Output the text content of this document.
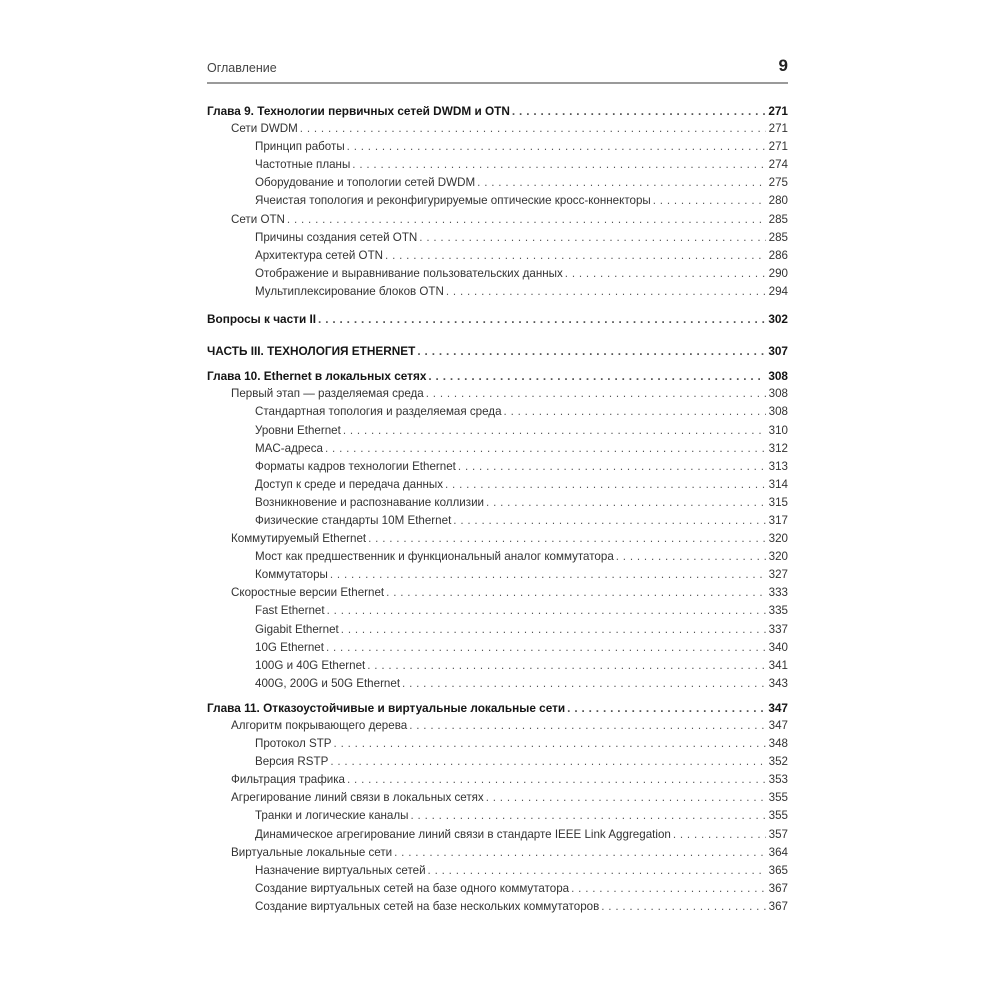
Оглавление	9
Глава 9. Технологии первичных сетей DWDM и OTN . . .	271
Сети DWDM . . .	271
Принцип работы . . .	271
Частотные планы . . .	274
Оборудование и топологии сетей DWDM . . .	275
Ячеистая топология и реконфигурируемые оптические кросс-коннекторы . . .	280
Сети OTN . . .	285
Причины создания сетей OTN . . .	285
Архитектура сетей OTN . . .	286
Отображение и выравнивание пользовательских данных . . .	290
Мультиплексирование блоков OTN . . .	294
Вопросы к части II . . .	302
ЧАСТЬ III. ТЕХНОЛОГИЯ ETHERNET . . .	307
Глава 10. Ethernet в локальных сетях . . .	308
Первый этап — разделяемая среда . . .	308
Стандартная топология и разделяемая среда . . .	308
Уровни Ethernet . . .	310
MAC-адреса . . .	312
Форматы кадров технологии Ethernet . . .	313
Доступ к среде и передача данных . . .	314
Возникновение и распознавание коллизии . . .	315
Физические стандарты 10M Ethernet . . .	317
Коммутируемый Ethernet . . .	320
Мост как предшественник и функциональный аналог коммутатора . . .	320
Коммутаторы . . .	327
Скоростные версии Ethernet . . .	333
Fast Ethernet . . .	335
Gigabit Ethernet . . .	337
10G Ethernet . . .	340
100G и 40G Ethernet . . .	341
400G, 200G и 50G Ethernet . . .	343
Глава 11. Отказоустойчивые и виртуальные локальные сети . . .	347
Алгоритм покрывающего дерева . . .	347
Протокол STP . . .	348
Версия RSTP . . .	352
Фильтрация трафика . . .	353
Агрегирование линий связи в локальных сетях . . .	355
Транки и логические каналы . . .	355
Динамическое агрегирование линий связи в стандарте IEEE Link Aggregation . . .	357
Виртуальные локальные сети . . .	364
Назначение виртуальных сетей . . .	365
Создание виртуальных сетей на базе одного коммутатора . . .	367
Создание виртуальных сетей на базе нескольких коммутаторов . . .	367
